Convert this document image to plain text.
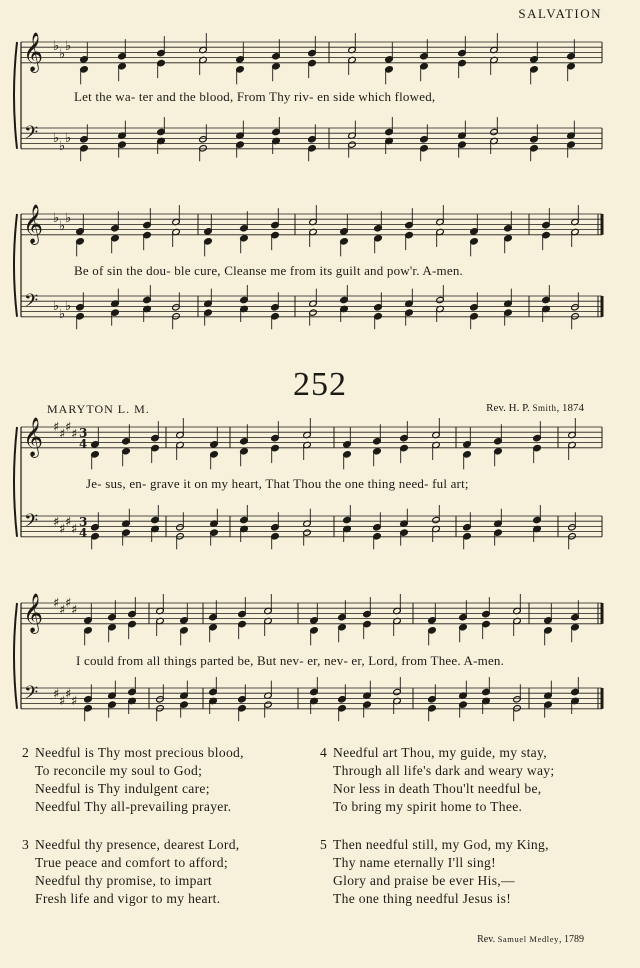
SALVATION
𝄞
𝄢
♭
♭
♭
♭
♭
♭
𝄞
𝄢
♭
♭
♭
♭
♭
♭
𝄞
𝄢
♯ ♯ ♯ ♯
♯ ♯ ♯ ♯
3
4
3
4
𝄞
𝄢
♯ ♯ ♯ ♯
♯ ♯ ♯ ♯
Let the wa- ter and the blood, From Thy riv- en side which flowed,
Be of sin the dou- ble cure, Cleanse me from its guilt and pow'r. A-men.
Je- sus, en- grave it on my heart, That Thou the one thing need- ful art;
I could from all things parted be, But nev- er, nev- er, Lord, from Thee. A-men.
252
MARYTON L. M.	Rev. H. P. Smith, 1874
2 Needful is Thy most precious blood,
To reconcile my soul to God;
Needful is Thy indulgent care;
Needful Thy all-prevailing prayer.
3 Needful thy presence, dearest Lord,
True peace and comfort to afford;
Needful thy promise, to impart
Fresh life and vigor to my heart.
4 Needful art Thou, my guide, my stay,
Through all life's dark and weary way;
Nor less in death Thou'lt needful be,
To bring my spirit home to Thee.
5 Then needful still, my God, my King,
Thy name eternally I'll sing!
Glory and praise be ever His,—
The one thing needful Jesus is!
Rev. Samuel Medley, 1789
